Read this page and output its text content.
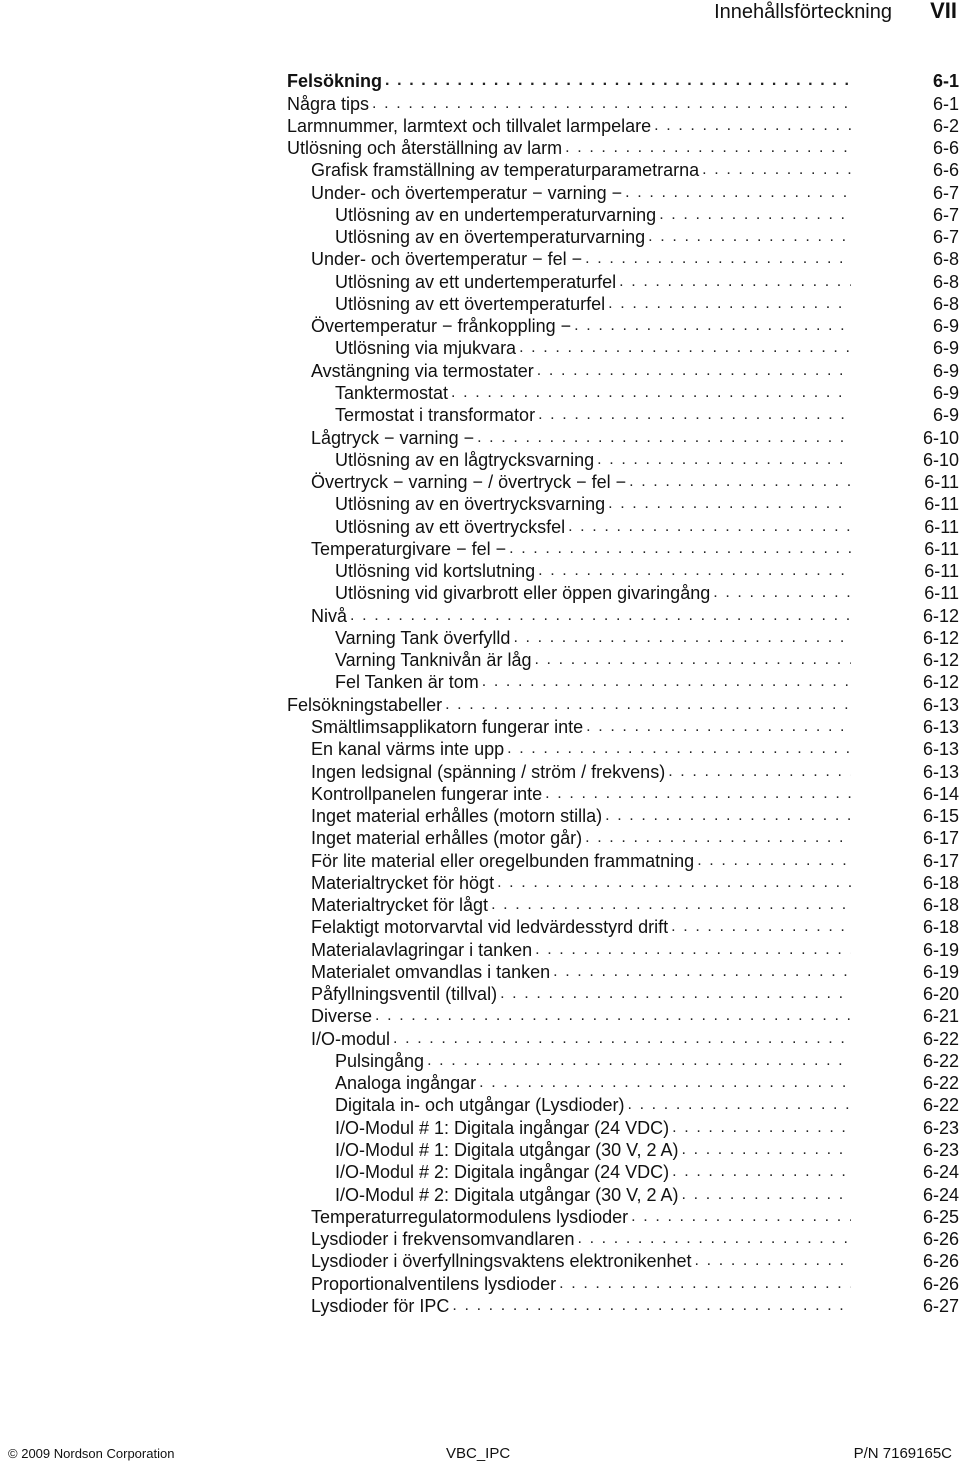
Innehållsförteckning VII
Felsökning . . .	6-1
Några tips . . .	6-1
Larmnummer, larmtext och tillvalet larmpelare . . .	6-2
Utlösning och återställning av larm . . .	6-6
Grafisk framställning av temperaturparametrarna . . .	6-6
Under- och övertemperatur − varning − . . .	6-7
Utlösning av en undertemperaturvarning . . .	6-7
Utlösning av en övertemperaturvarning . . .	6-7
Under- och övertemperatur − fel − . . .	6-8
Utlösning av ett undertemperaturfel . . .	6-8
Utlösning av ett övertemperaturfel . . .	6-8
Övertemperatur − frånkoppling − . . .	6-9
Utlösning via mjukvara . . .	6-9
Avstängning via termostater . . .	6-9
Tanktermostat . . .	6-9
Termostat i transformator . . .	6-9
Lågtryck − varning − . . .	6-10
Utlösning av en lågtrycksvarning . . .	6-10
Övertryck − varning − / övertryck − fel − . . .	6-11
Utlösning av en övertrycksvarning . . .	6-11
Utlösning av ett övertrycksfel . . .	6-11
Temperaturgivare − fel − . . .	6-11
Utlösning vid kortslutning . . .	6-11
Utlösning vid givarbrott eller öppen givaringång . . .	6-11
Nivå . . .	6-12
Varning Tank överfylld . . .	6-12
Varning Tanknivån är låg . . .	6-12
Fel Tanken är tom . . .	6-12
Felsökningstabeller . . .	6-13
Smältlimsapplikatorn fungerar inte . . .	6-13
En kanal värms inte upp . . .	6-13
Ingen ledsignal (spänning / ström / frekvens) . . .	6-13
Kontrollpanelen fungerar inte . . .	6-14
Inget material erhålles (motorn stilla) . . .	6-15
Inget material erhålles (motor går) . . .	6-17
För lite material eller oregelbunden frammatning . . .	6-17
Materialtrycket för högt . . .	6-18
Materialtrycket för lågt . . .	6-18
Felaktigt motorvarvtal vid ledvärdesstyrd drift . . .	6-18
Materialavlagringar i tanken . . .	6-19
Materialet omvandlas i tanken . . .	6-19
Påfyllningsventil (tillval) . . .	6-20
Diverse . . .	6-21
I/O-modul . . .	6-22
Pulsingång . . .	6-22
Analoga ingångar . . .	6-22
Digitala in- och utgångar (Lysdioder) . . .	6-22
I/O-Modul # 1: Digitala ingångar (24 VDC) . . .	6-23
I/O-Modul # 1: Digitala utgångar (30 V, 2 A) . . .	6-23
I/O-Modul # 2: Digitala ingångar (24 VDC) . . .	6-24
I/O-Modul # 2: Digitala utgångar (30 V, 2 A) . . .	6-24
Temperaturregulatormodulens lysdioder . . .	6-25
Lysdioder i frekvensomvandlaren . . .	6-26
Lysdioder i överfyllningsvaktens elektronikenhet . . .	6-26
Proportionalventilens lysdioder . . .	6-26
Lysdioder för IPC . . .	6-27
© 2009 Nordson Corporation	VBC_IPC	P/N 7169165C
